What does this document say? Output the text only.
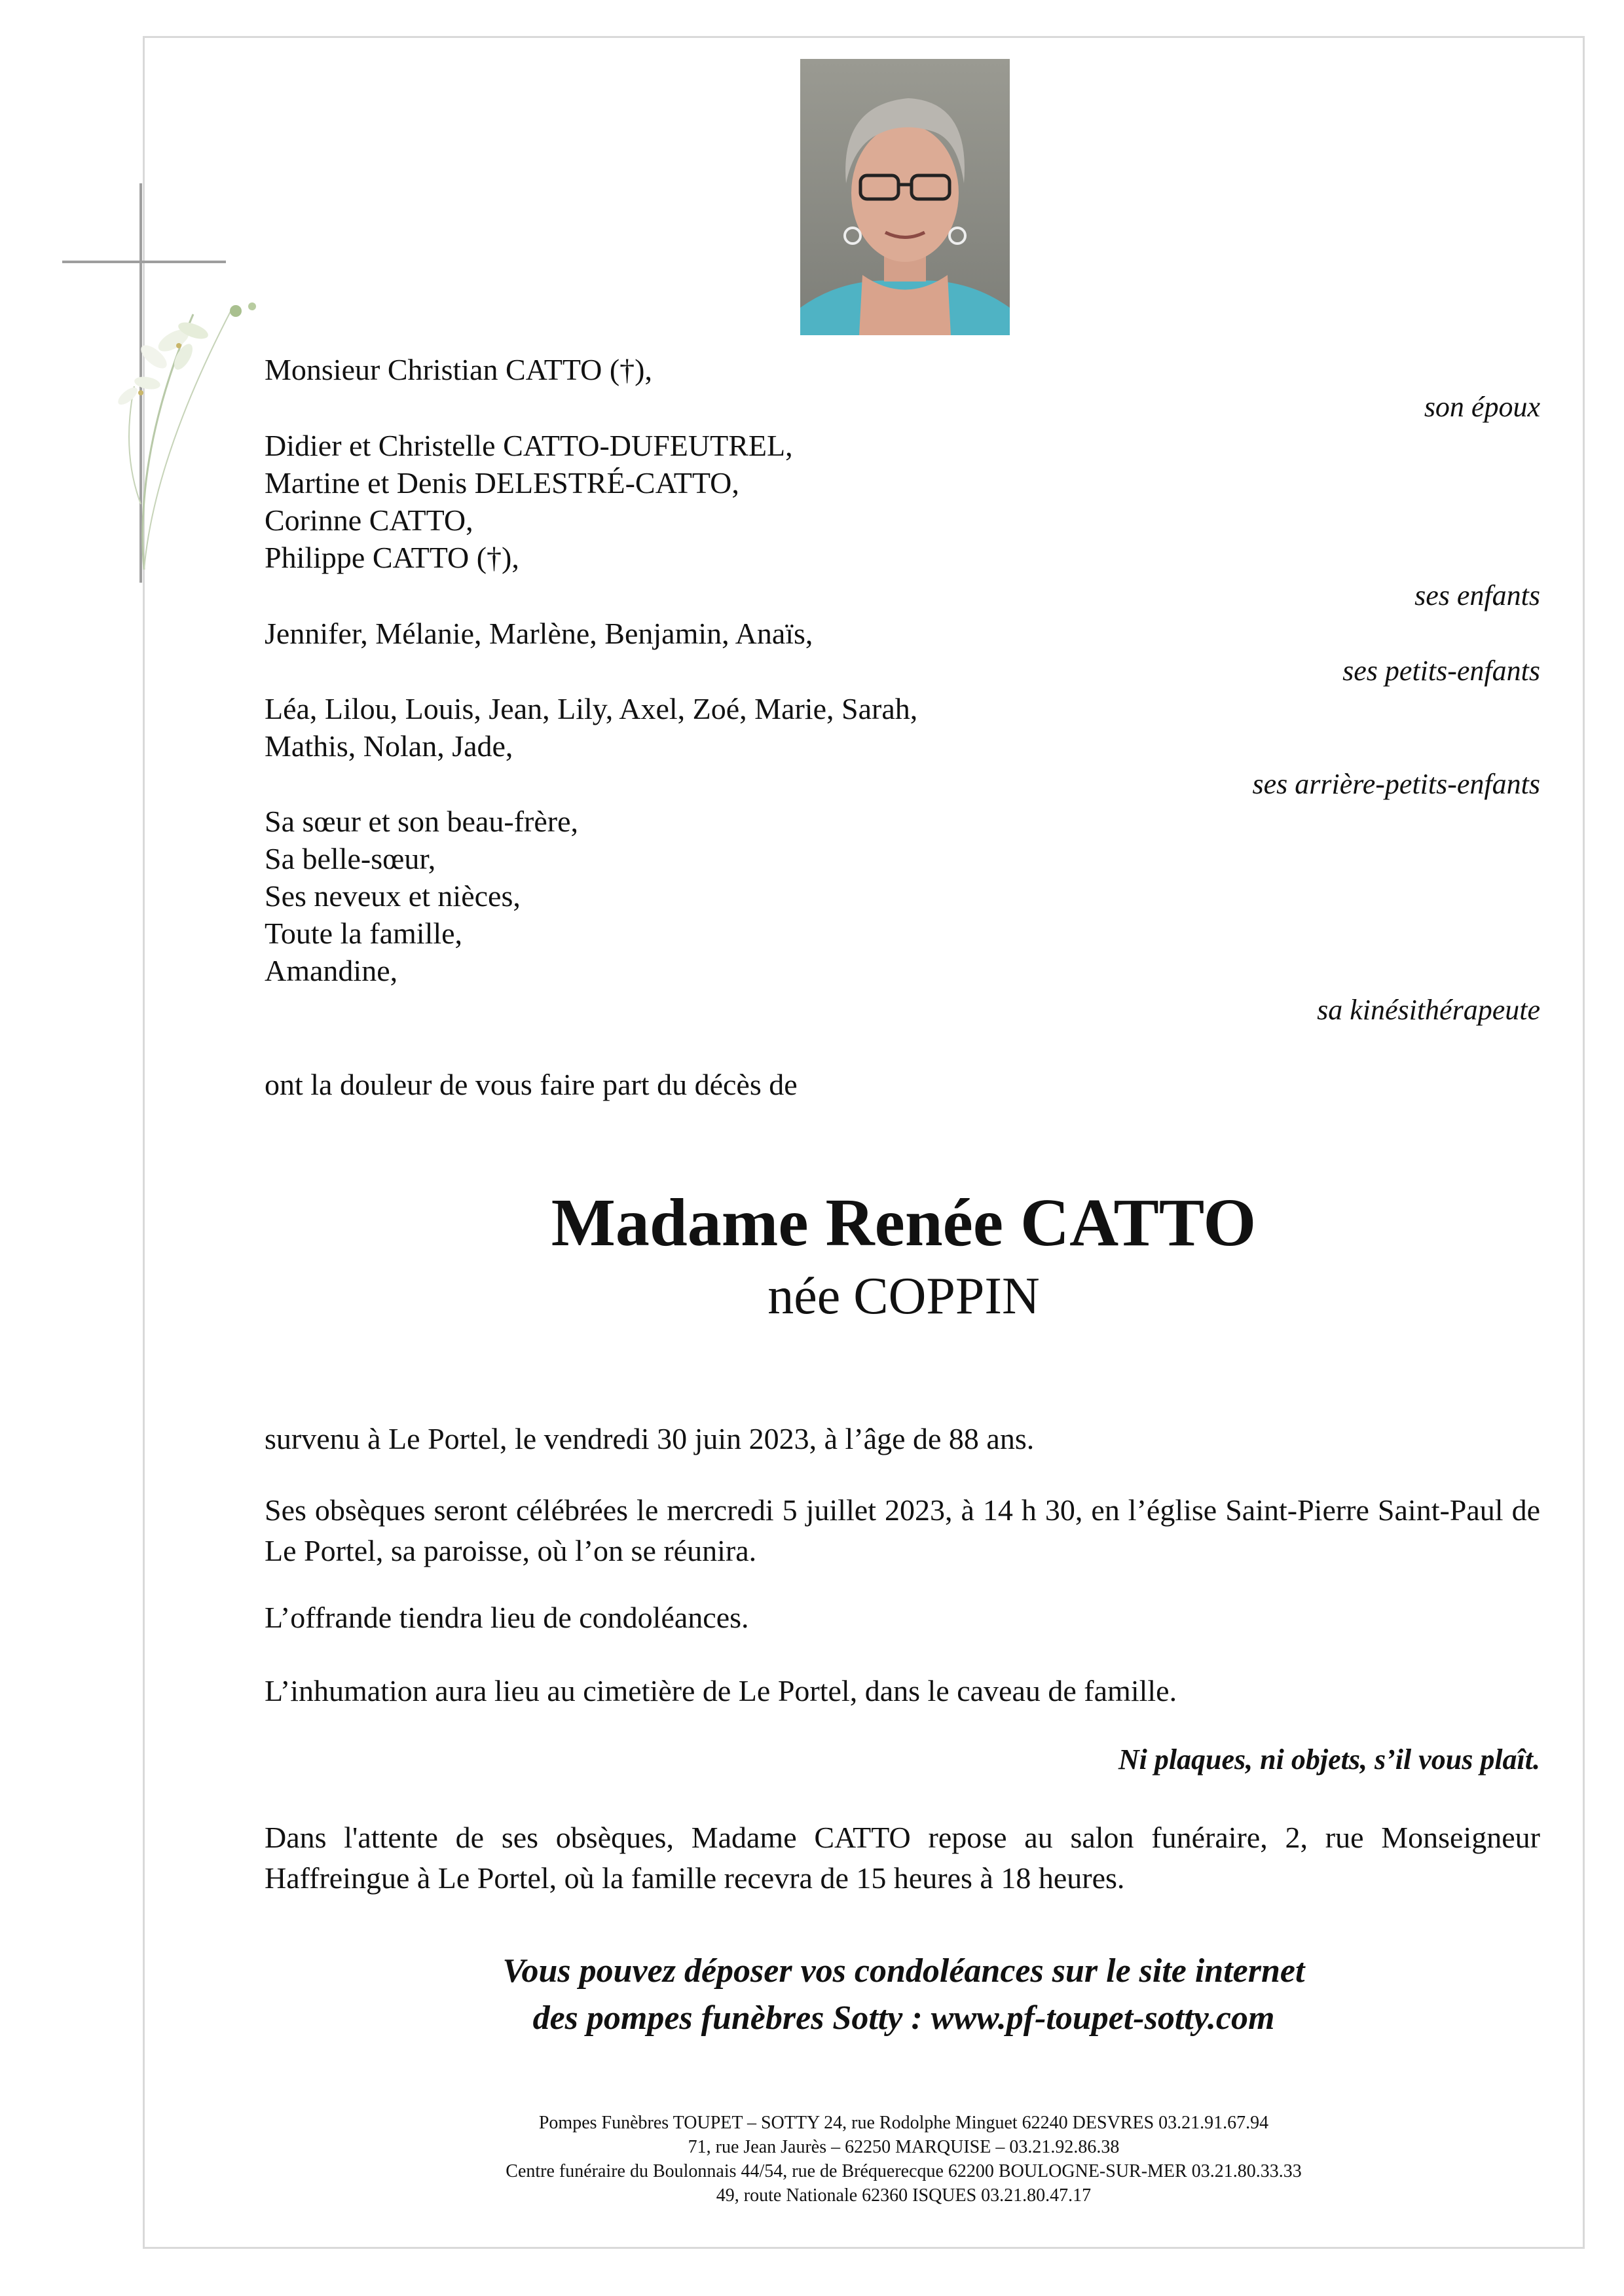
Monsieur Christian CATTO (†),
son époux
Didier et Christelle CATTO-DUFEUTREL,
Martine et Denis DELESTRÉ-CATTO,
Corinne CATTO,
Philippe CATTO (†),
ses enfants
Jennifer, Mélanie, Marlène, Benjamin, Anaïs,
ses petits-enfants
Léa, Lilou, Louis, Jean, Lily, Axel, Zoé, Marie, Sarah,
Mathis, Nolan, Jade,
ses arrière-petits-enfants
Sa sœur et son beau-frère,
Sa belle-sœur,
Ses neveux et nièces,
Toute la famille,
Amandine,
sa kinésithérapeute
ont la douleur de vous faire part du décès de
Madame Renée CATTO
née COPPIN
survenu à Le Portel, le vendredi 30 juin 2023, à l’âge de 88 ans.
Ses obsèques seront célébrées le mercredi 5 juillet 2023, à 14 h 30, en l’église Saint-Pierre Saint-Paul de Le Portel, sa paroisse, où l’on se réunira.
L’offrande tiendra lieu de condoléances.
L’inhumation aura lieu au cimetière de Le Portel, dans le caveau de famille.
Ni plaques, ni objets, s’il vous plaît.
Dans l'attente de ses obsèques, Madame CATTO repose au salon funéraire, 2, rue Monseigneur Haffreingue à Le Portel, où la famille recevra de 15 heures à 18 heures.
Vous pouvez déposer vos condoléances sur le site internet
des pompes funèbres Sotty : www.pf-toupet-sotty.com
Pompes Funèbres TOUPET – SOTTY 24, rue Rodolphe Minguet 62240 DESVRES 03.21.91.67.94
71, rue Jean Jaurès – 62250 MARQUISE – 03.21.92.86.38
Centre funéraire du Boulonnais 44/54, rue de Bréquerecque 62200 BOULOGNE-SUR-MER 03.21.80.33.33
49, route Nationale 62360 ISQUES 03.21.80.47.17
